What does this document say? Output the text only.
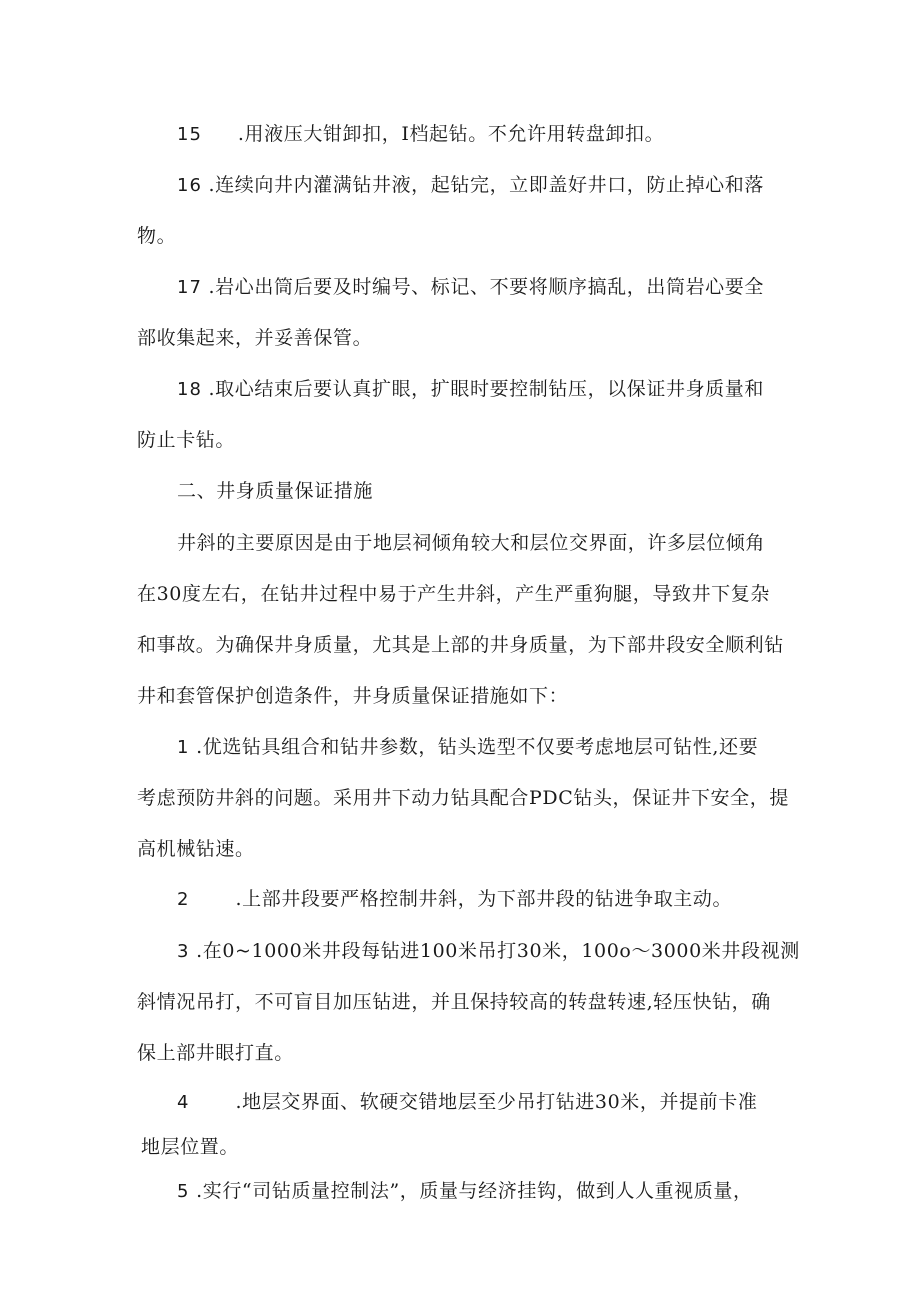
15 .用液压大钳卸扣，I档起钻。不允许用转盘卸扣。

16 .连续向井内灌满钻井液，起钻完，立即盖好井口，防止掉心和落
物。

17 .岩心出筒后要及时编号、标记、不要将顺序搞乱，出筒岩心要全
部收集起来，并妥善保管。

18 .取心结束后要认真扩眼，扩眼时要控制钻压，以保证井身质量和
防止卡钻。

二、井身质量保证措施

井斜的主要原因是由于地层祠倾角较大和层位交界面，许多层位倾角
在30度左右，在钻井过程中易于产生井斜，产生严重狗腿，导致井下复杂
和事故。为确保井身质量，尤其是上部的井身质量，为下部井段安全顺利钻
井和套管保护创造条件，井身质量保证措施如下：

1 .优选钻具组合和钻井参数，钻头选型不仅要考虑地层可钻性,还要
考虑预防井斜的问题。采用井下动力钻具配合PDC钻头，保证井下安全，提
高机械钻速。

2 .上部井段要严格控制井斜，为下部井段的钻进争取主动。

3 .在0~1000米井段每钻进100米吊打30米，100o～3000米井段视测
斜情况吊打，不可盲目加压钻进，并且保持较高的转盘转速,轻压快钻，确
保上部井眼打直。

4 .地层交界面、软硬交错地层至少吊打钻进30米，并提前卡准
地层位置。

5 .实行“司钻质量控制法”，质量与经济挂钩，做到人人重视质量，
